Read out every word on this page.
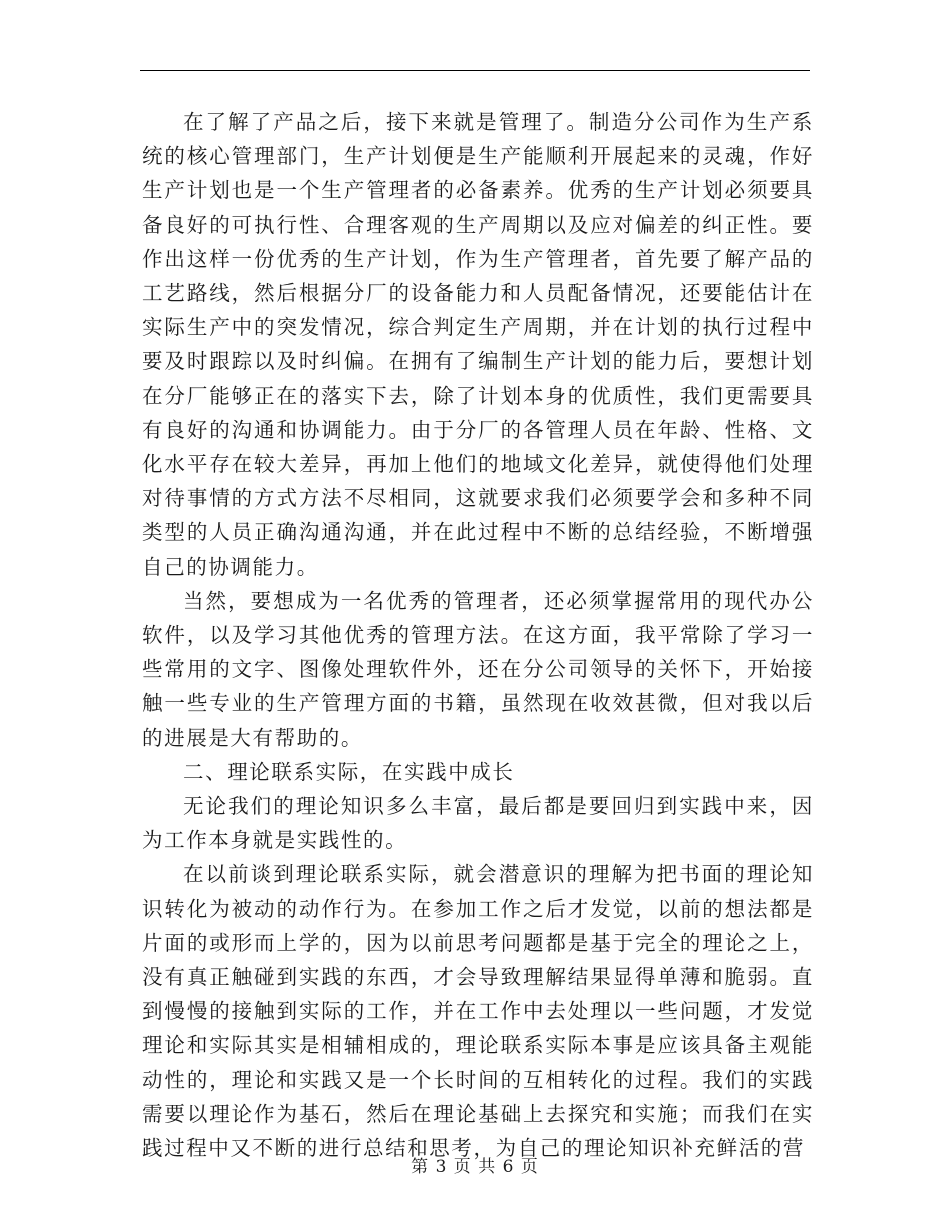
在了解了产品之后，接下来就是管理了。制造分公司作为生产系统的核心管理部门，生产计划便是生产能顺利开展起来的灵魂，作好生产计划也是一个生产管理者的必备素养。优秀的生产计划必须要具备良好的可执行性、合理客观的生产周期以及应对偏差的纠正性。要作出这样一份优秀的生产计划，作为生产管理者，首先要了解产品的工艺路线，然后根据分厂的设备能力和人员配备情况，还要能估计在实际生产中的突发情况，综合判定生产周期，并在计划的执行过程中要及时跟踪以及时纠偏。在拥有了编制生产计划的能力后，要想计划在分厂能够正在的落实下去，除了计划本身的优质性，我们更需要具有良好的沟通和协调能力。由于分厂的各管理人员在年龄、性格、文化水平存在较大差异，再加上他们的地域文化差异，就使得他们处理对待事情的方式方法不尽相同，这就要求我们必须要学会和多种不同类型的人员正确沟通沟通，并在此过程中不断的总结经验，不断增强自己的协调能力。

当然，要想成为一名优秀的管理者，还必须掌握常用的现代办公软件，以及学习其他优秀的管理方法。在这方面，我平常除了学习一些常用的文字、图像处理软件外，还在分公司领导的关怀下，开始接触一些专业的生产管理方面的书籍，虽然现在收效甚微，但对我以后的进展是大有帮助的。

二、理论联系实际，在实践中成长

无论我们的理论知识多么丰富，最后都是要回归到实践中来，因为工作本身就是实践性的。

在以前谈到理论联系实际，就会潜意识的理解为把书面的理论知识转化为被动的动作行为。在参加工作之后才发觉，以前的想法都是片面的或形而上学的，因为以前思考问题都是基于完全的理论之上，没有真正触碰到实践的东西，才会导致理解结果显得单薄和脆弱。直到慢慢的接触到实际的工作，并在工作中去处理以一些问题，才发觉理论和实际其实是相辅相成的，理论联系实际本事是应该具备主观能动性的，理论和实践又是一个长时间的互相转化的过程。我们的实践需要以理论作为基石，然后在理论基础上去探究和实施；而我们在实践过程中又不断的进行总结和思考，为自己的理论知识补充鲜活的营

第 3 页 共 6 页
